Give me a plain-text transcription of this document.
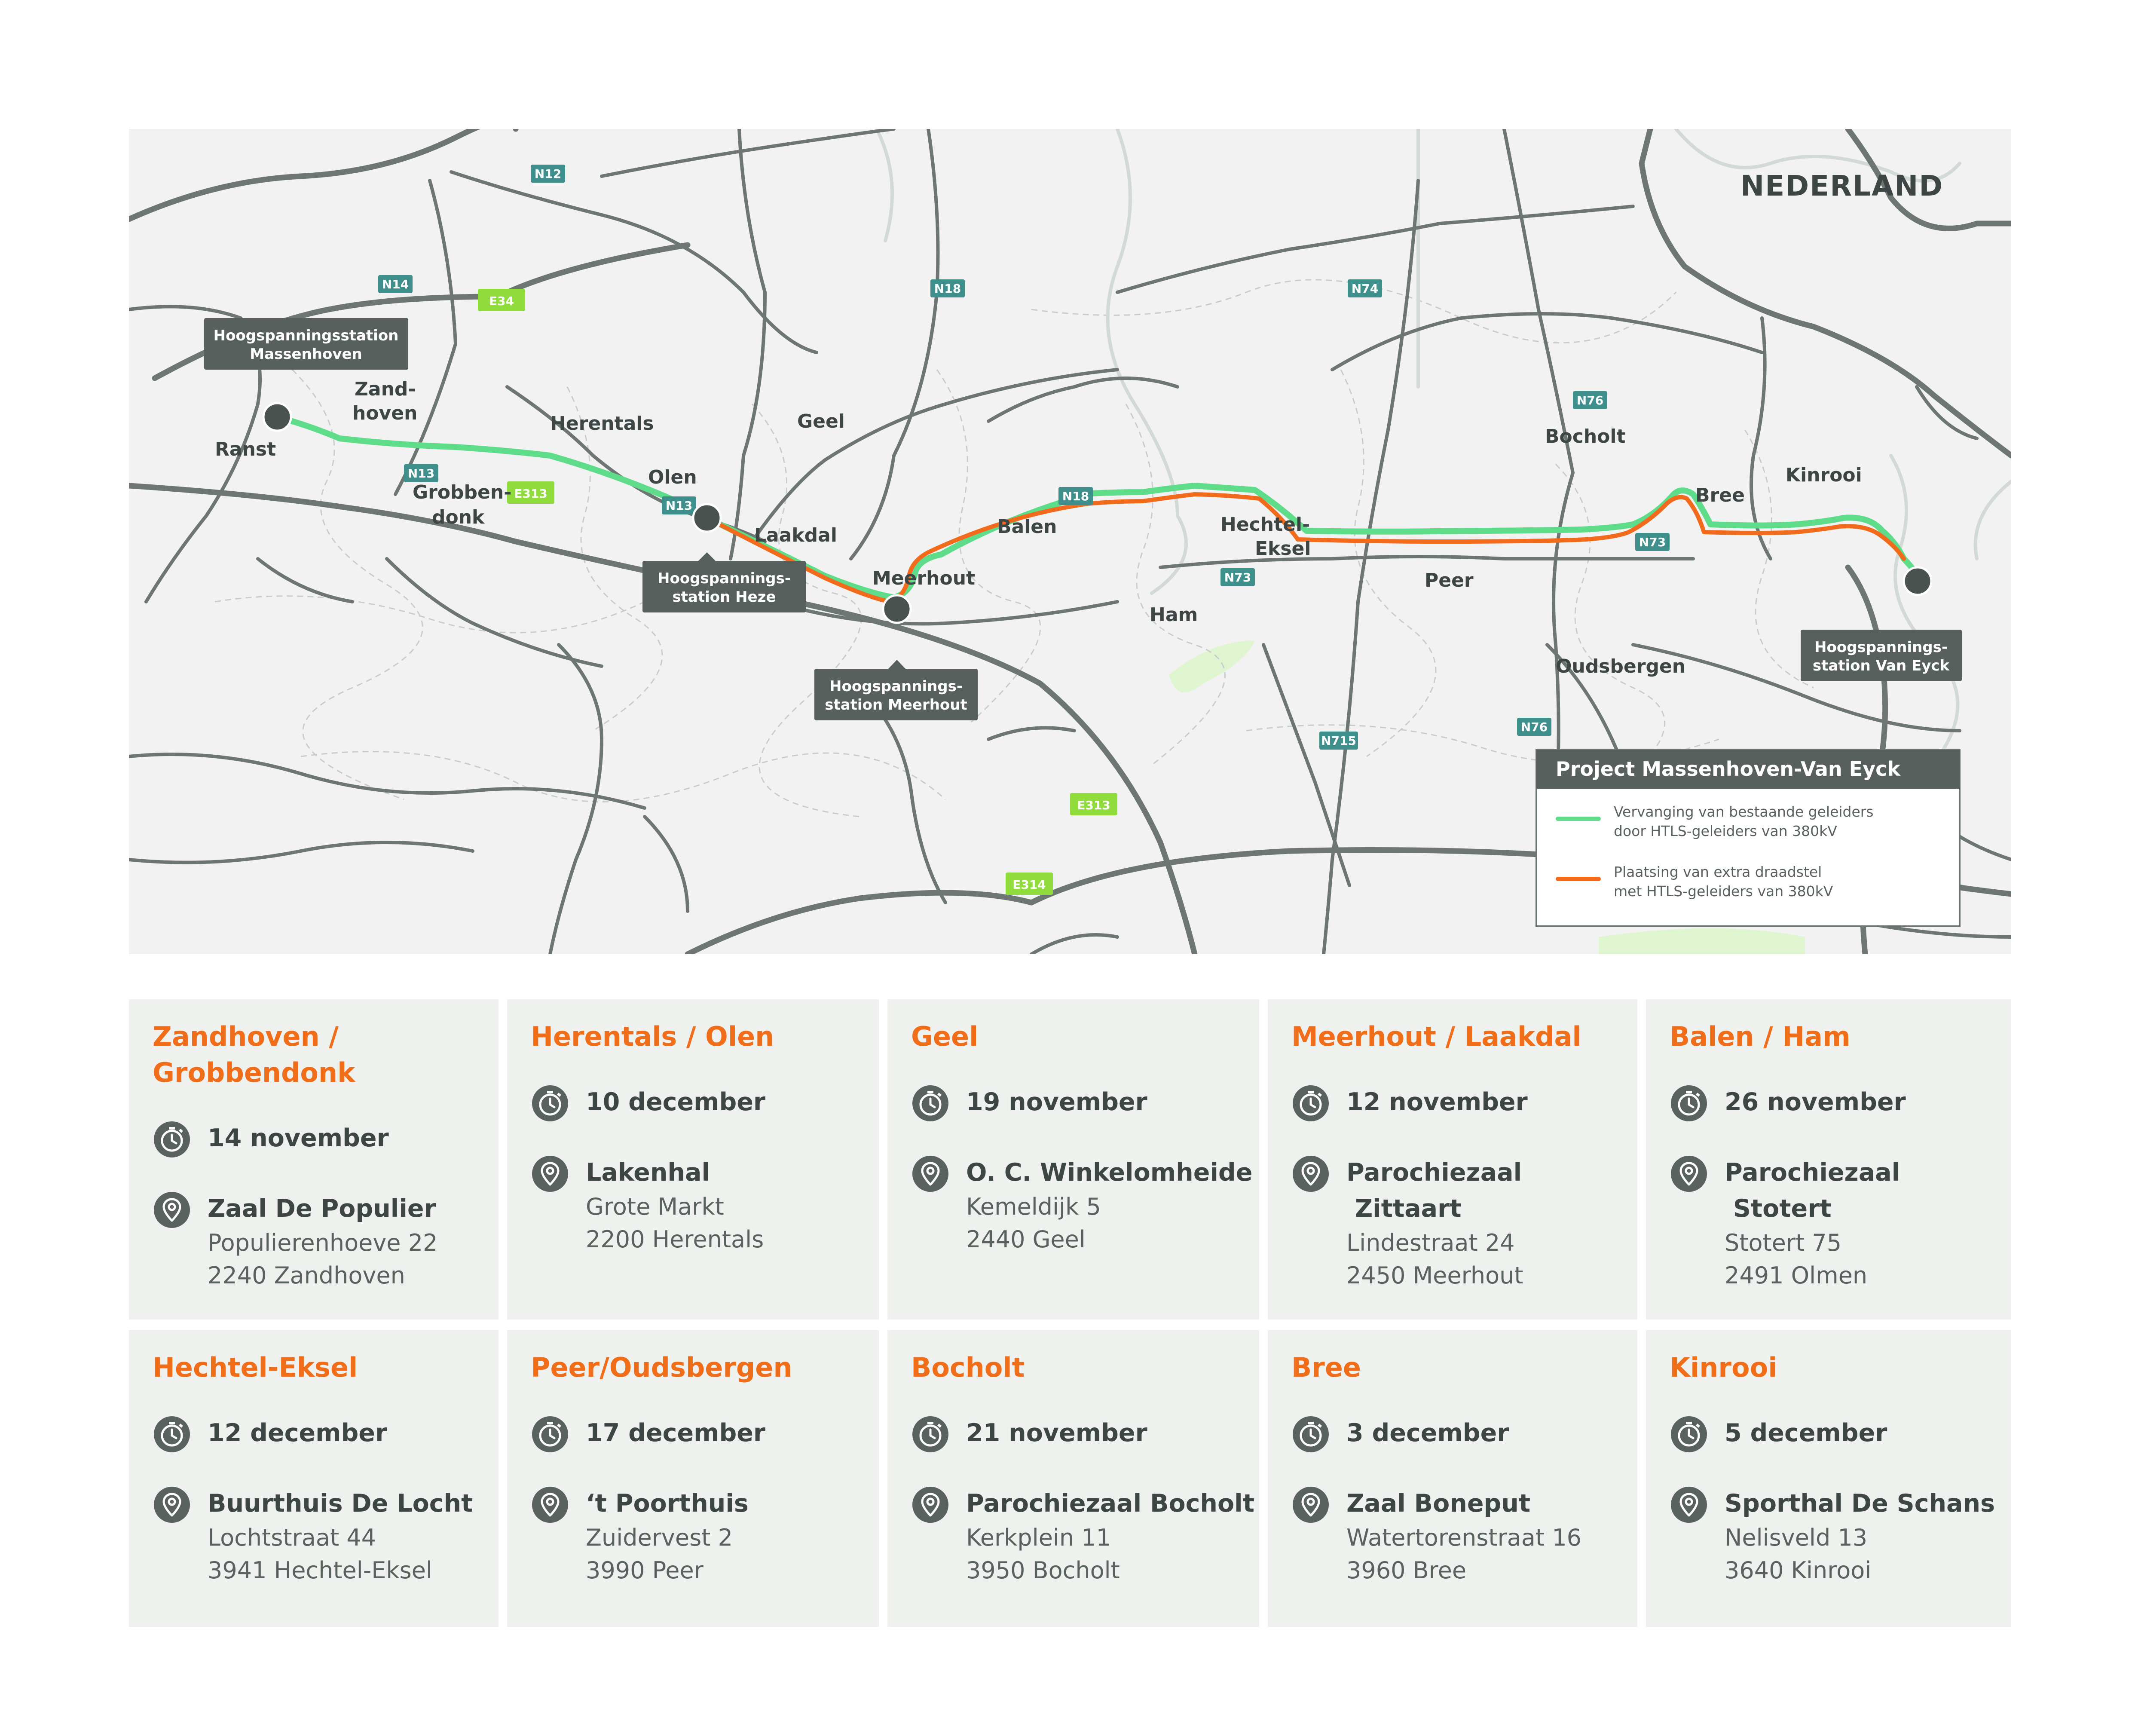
N12
N14
E34
N18	N74
N13
E313
N13
N18
N73
N76
N73
N76
N715
E313
E314
NEDERLAND
Ranst
Zand-hoven
Grobben-donk
Herentals
Olen
Geel
Laakdal
Meerhout
Balen
Ham
Hechtel-Eksel
Peer
Bocholt
Bree
Kinrooi
Oudsbergen
Hoogspanningsstation Massenhoven
Hoogspannings-station Heze
Hoogspannings-station Meerhout
Hoogspannings-station Van Eyck
Project Massenhoven-Van Eyck
Vervanging van bestaande geleiders door HTLS-geleiders van 380kV
Plaatsing van extra draadstel met HTLS-geleiders van 380kV
Zandhoven /
Grobbendonk
14 november
Zaal De Populier
Populierenhoeve 22
2240 Zandhoven
Herentals / Olen
10 december
Lakenhal
Grote Markt
2200 Herentals
Geel
19 november
O. C. Winkelomheide
Kemeldijk 5
2440 Geel
Meerhout / Laakdal
12 november
Parochiezaal
Zittaart
Lindestraat 24
2450 Meerhout
Balen / Ham
26 november
Parochiezaal
Stotert
Stotert 75
2491 Olmen
Hechtel-Eksel
12 december
Buurthuis De Locht
Lochtstraat 44
3941 Hechtel-Eksel
Peer/Oudsbergen
17 december
‘t Poorthuis
Zuidervest 2
3990 Peer
Bocholt
21 november
Parochiezaal Bocholt
Kerkplein 11
3950 Bocholt
Bree
3 december
Zaal Boneput
Watertorenstraat 16
3960 Bree
Kinrooi
5 december
Sporthal De Schans
Nelisveld 13
3640 Kinrooi
